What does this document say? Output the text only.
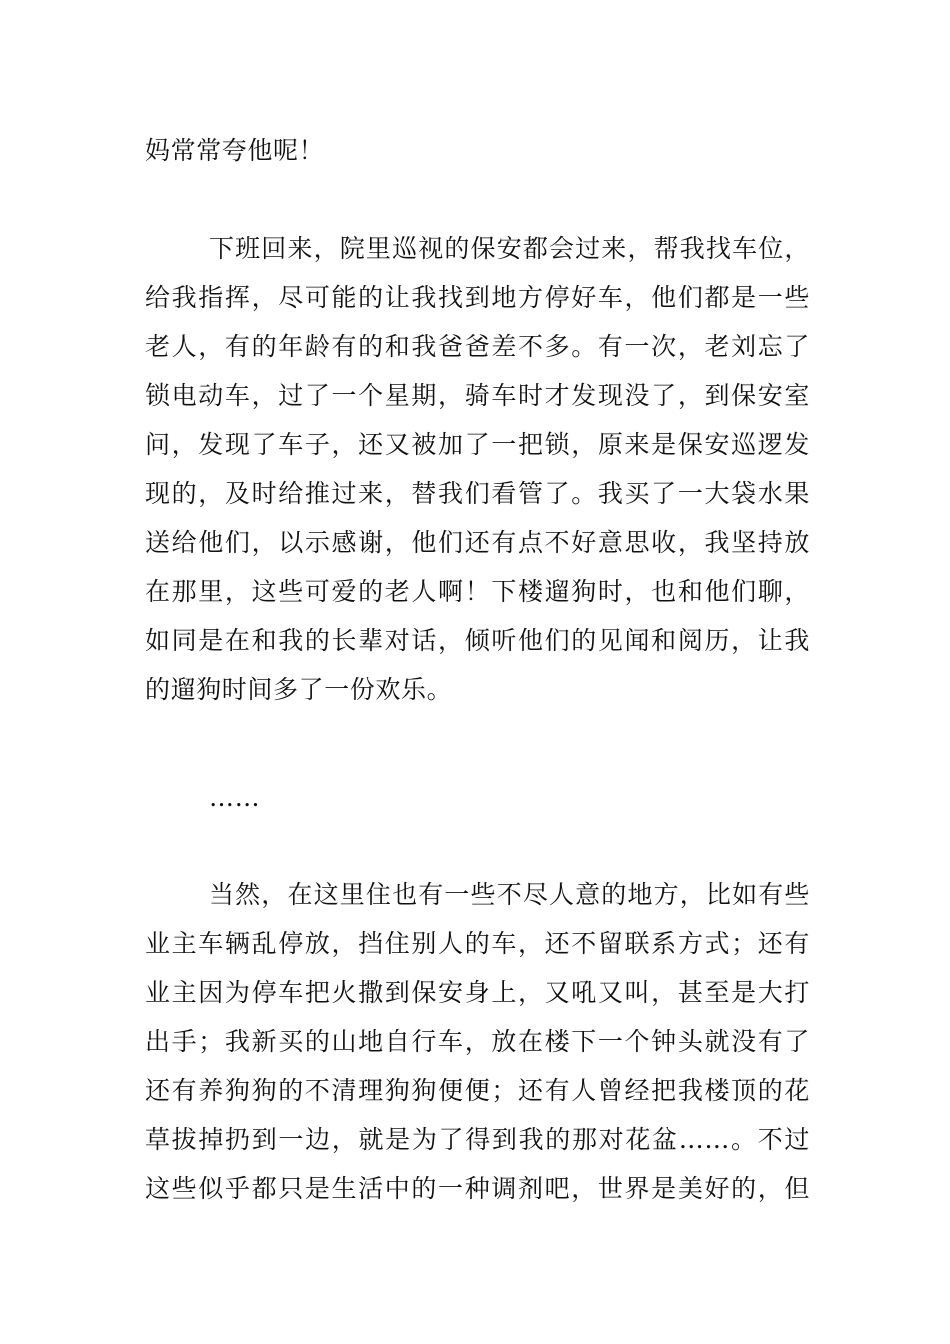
妈常常夸他呢！

下班回来，院里巡视的保安都会过来，帮我找车位，
给我指挥，尽可能的让我找到地方停好车，他们都是一些
老人，有的年龄有的和我爸爸差不多。有一次，老刘忘了
锁电动车，过了一个星期，骑车时才发现没了，到保安室
问，发现了车子，还又被加了一把锁，原来是保安巡逻发
现的，及时给推过来，替我们看管了。我买了一大袋水果
送给他们，以示感谢，他们还有点不好意思收，我坚持放
在那里，这些可爱的老人啊！下楼遛狗时，也和他们聊，
如同是在和我的长辈对话，倾听他们的见闻和阅历，让我
的遛狗时间多了一份欢乐。

……

当然，在这里住也有一些不尽人意的地方，比如有些
业主车辆乱停放，挡住别人的车，还不留联系方式；还有
业主因为停车把火撒到保安身上，又吼又叫，甚至是大打
出手；我新买的山地自行车，放在楼下一个钟头就没有了
还有养狗狗的不清理狗狗便便；还有人曾经把我楼顶的花
草拔掉扔到一边，就是为了得到我的那对花盆……。不过
这些似乎都只是生活中的一种调剂吧，世界是美好的，但
